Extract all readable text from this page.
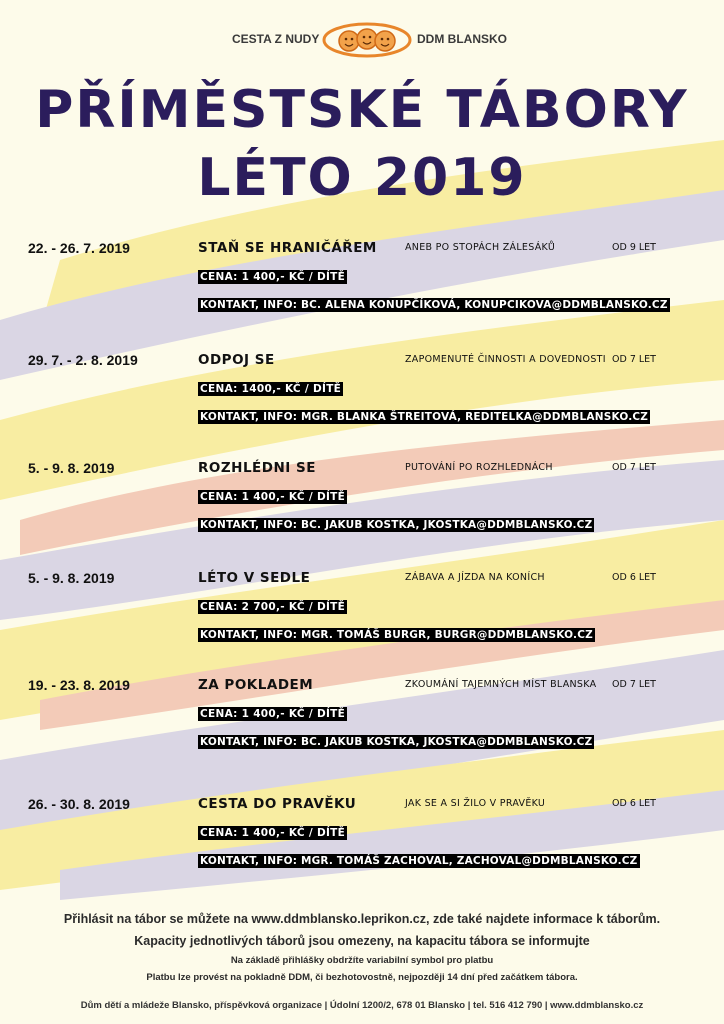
CESTA Z NUDY	DDM BLANSKO
PŘÍMĚSTSKÉ TÁBORY
LÉTO 2019
22. - 26. 7. 2019	STAŇ SE HRANIČÁŘEM	ANEB PO STOPÁCH ZÁLESÁKŮ	OD 9 LET
CENA: 1 400,- KČ / DÍTĚ
KONTAKT, INFO: BC. ALENA KONUPČÍKOVÁ, KONUPCIKOVA@DDMBLANSKO.CZ
29. 7. - 2. 8. 2019	ODPOJ SE	ZAPOMENUTÉ ČINNOSTI A DOVEDNOSTI OD 7 LET
CENA: 1400,- KČ / DÍTĚ
KONTAKT, INFO: MGR. BLANKA ŠTREITOVÁ, REDITELKA@DDMBLANSKO.CZ
5. - 9. 8. 2019	ROZHLÉDNI SE	PUTOVÁNÍ PO ROZHLEDNÁCH	OD 7 LET
CENA: 1 400,- KČ / DÍTĚ
KONTAKT, INFO: BC. JAKUB KOSTKA, JKOSTKA@DDMBLANSKO.CZ
5. - 9. 8. 2019	LÉTO V SEDLE	ZÁBAVA A JÍZDA NA KONÍCH	OD 6 LET
CENA: 2 700,- KČ / DÍTĚ
KONTAKT, INFO: MGR. TOMÁŠ BURGR, BURGR@DDMBLANSKO.CZ
19. - 23. 8. 2019	ZA POKLADEM	ZKOUMÁNÍ TAJEMNÝCH MÍST BLANSKA OD 7 LET
CENA: 1 400,- KČ / DÍTĚ
KONTAKT, INFO: BC. JAKUB KOSTKA, JKOSTKA@DDMBLANSKO.CZ
26. - 30. 8. 2019	CESTA DO PRAVĚKU	JAK SE A SI ŽILO V PRAVĚKU	OD 6 LET
CENA: 1 400,- KČ / DÍTĚ
KONTAKT, INFO: MGR. TOMÁŠ ZACHOVAL, ZACHOVAL@DDMBLANSKO.CZ
Přihlásit na tábor se můžete na www.ddmblansko.leprikon.cz, zde také najdete informace k táborům.
Kapacity jednotlivých táborů jsou omezeny, na kapacitu tábora se informujte
Na základě přihlášky obdržíte variabilní symbol pro platbu
Platbu lze provést na pokladně DDM, či bezhotovostně, nejpozději 14 dní před začátkem tábora.
Dům dětí a mládeže Blansko, příspěvková organizace | Údolní 1200/2, 678 01 Blansko | tel. 516 412 790 | www.ddmblansko.cz
